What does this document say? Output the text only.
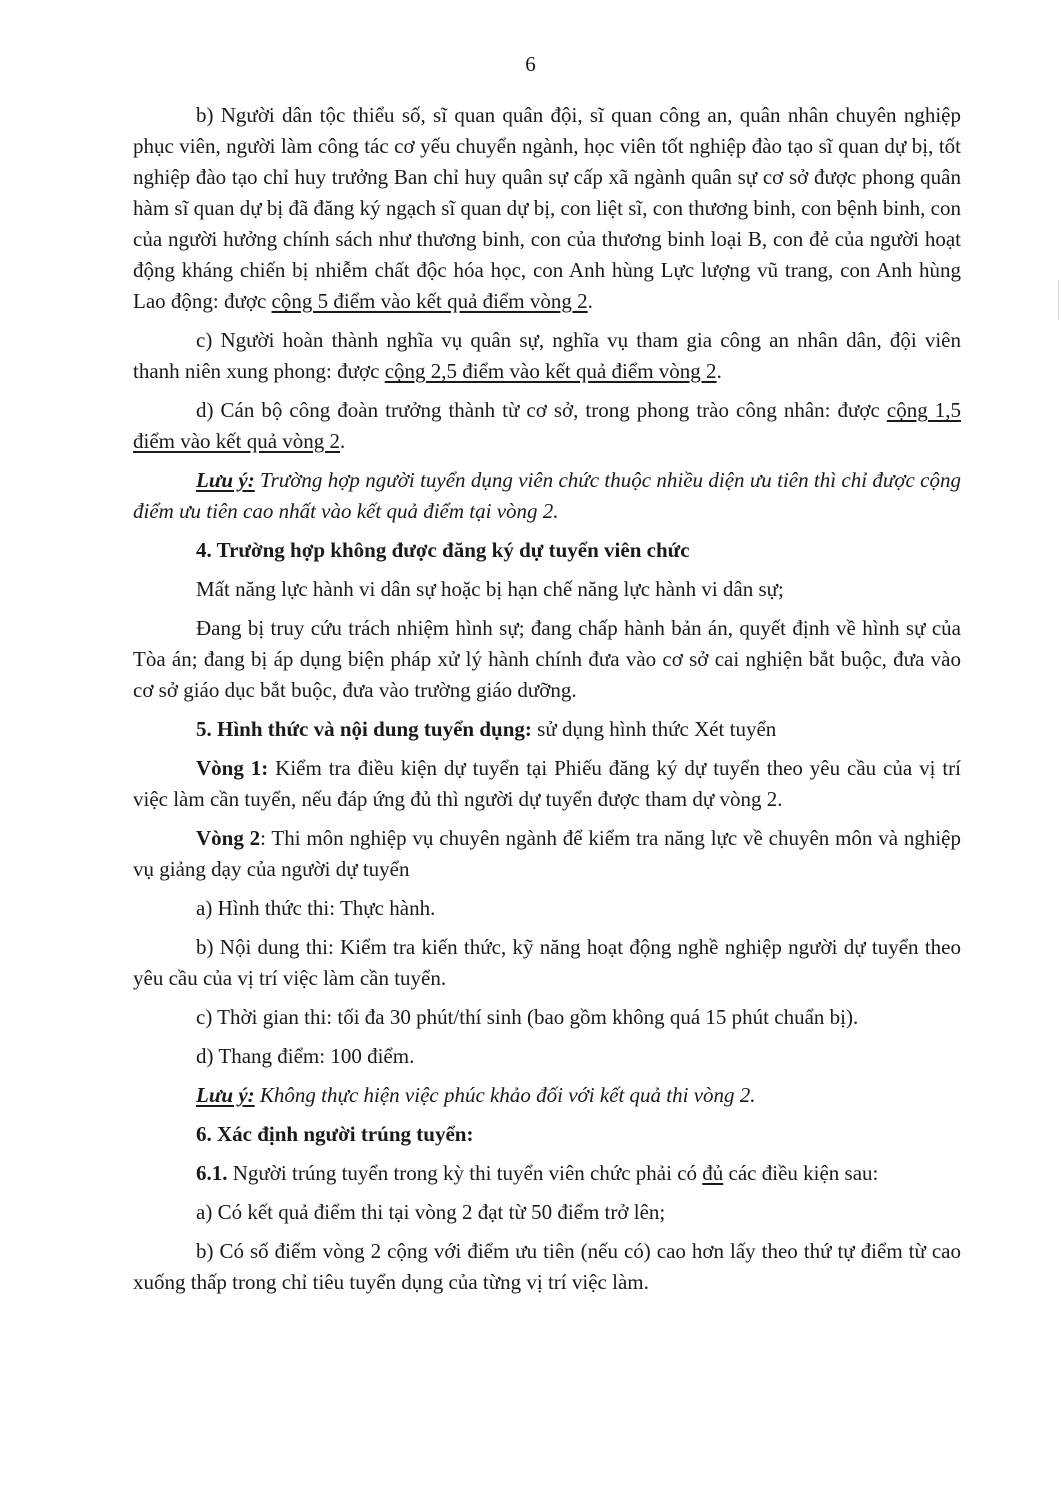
6

b) Người dân tộc thiểu số, sĩ quan quân đội, sĩ quan công an, quân nhân chuyên nghiệp phục viên, người làm công tác cơ yếu chuyển ngành, học viên tốt nghiệp đào tạo sĩ quan dự bị, tốt nghiệp đào tạo chỉ huy trưởng Ban chỉ huy quân sự cấp xã ngành quân sự cơ sở được phong quân hàm sĩ quan dự bị đã đăng ký ngạch sĩ quan dự bị, con liệt sĩ, con thương binh, con bệnh binh, con của người hưởng chính sách như thương binh, con của thương binh loại B, con đẻ của người hoạt động kháng chiến bị nhiễm chất độc hóa học, con Anh hùng Lực lượng vũ trang, con Anh hùng Lao động: được cộng 5 điểm vào kết quả điểm vòng 2.

c) Người hoàn thành nghĩa vụ quân sự, nghĩa vụ tham gia công an nhân dân, đội viên thanh niên xung phong: được cộng 2,5 điểm vào kết quả điểm vòng 2.

d) Cán bộ công đoàn trưởng thành từ cơ sở, trong phong trào công nhân: được cộng 1,5 điểm vào kết quả vòng 2.

Lưu ý: Trường hợp người tuyển dụng viên chức thuộc nhiều diện ưu tiên thì chỉ được cộng điểm ưu tiên cao nhất vào kết quả điểm tại vòng 2.

4. Trường hợp không được đăng ký dự tuyển viên chức

Mất năng lực hành vi dân sự hoặc bị hạn chế năng lực hành vi dân sự;

Đang bị truy cứu trách nhiệm hình sự; đang chấp hành bản án, quyết định về hình sự của Tòa án; đang bị áp dụng biện pháp xử lý hành chính đưa vào cơ sở cai nghiện bắt buộc, đưa vào cơ sở giáo dục bắt buộc, đưa vào trường giáo dưỡng.

5. Hình thức và nội dung tuyển dụng: sử dụng hình thức Xét tuyển

Vòng 1: Kiểm tra điều kiện dự tuyển tại Phiếu đăng ký dự tuyển theo yêu cầu của vị trí việc làm cần tuyển, nếu đáp ứng đủ thì người dự tuyển được tham dự vòng 2.

Vòng 2: Thi môn nghiệp vụ chuyên ngành để kiểm tra năng lực về chuyên môn và nghiệp vụ giảng dạy của người dự tuyển

a) Hình thức thi: Thực hành.

b) Nội dung thi: Kiểm tra kiến thức, kỹ năng hoạt động nghề nghiệp người dự tuyển theo yêu cầu của vị trí việc làm cần tuyển.

c) Thời gian thi: tối đa 30 phút/thí sinh (bao gồm không quá 15 phút chuẩn bị).

d) Thang điểm: 100 điểm.

Lưu ý: Không thực hiện việc phúc khảo đối với kết quả thi vòng 2.

6. Xác định người trúng tuyển:

6.1. Người trúng tuyển trong kỳ thi tuyển viên chức phải có đủ các điều kiện sau:

a) Có kết quả điểm thi tại vòng 2 đạt từ 50 điểm trở lên;

b) Có số điểm vòng 2 cộng với điểm ưu tiên (nếu có) cao hơn lấy theo thứ tự điểm từ cao xuống thấp trong chỉ tiêu tuyển dụng của từng vị trí việc làm.
